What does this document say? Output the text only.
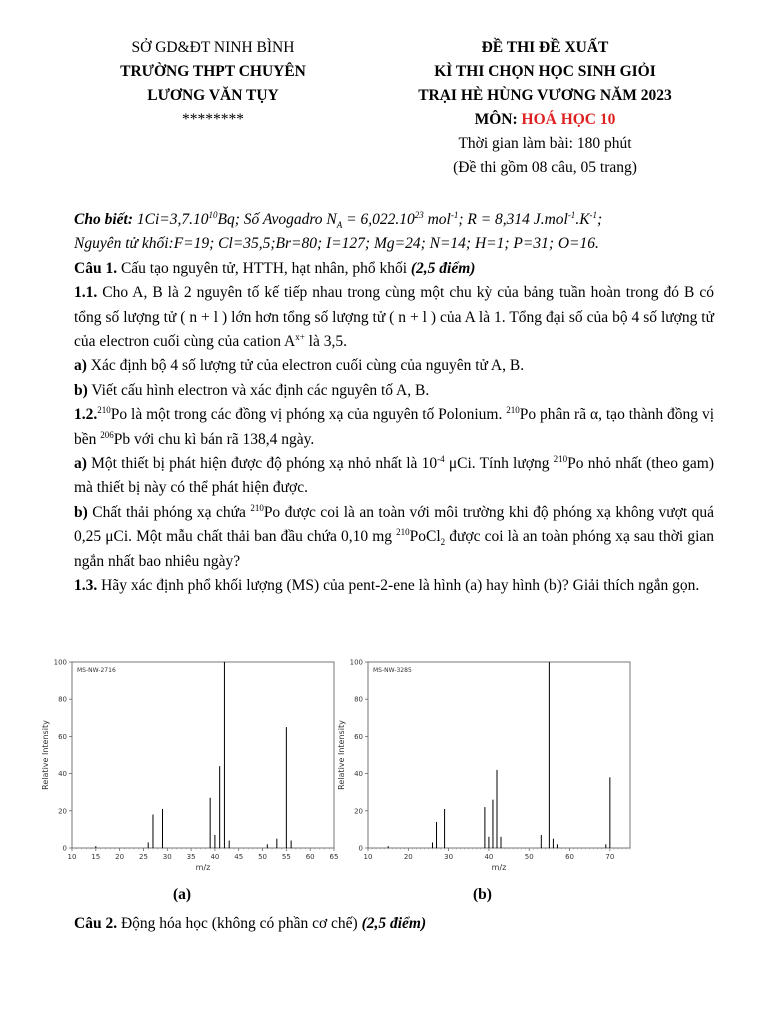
SỞ GD&ĐT NINH BÌNH
TRƯỜNG THPT CHUYÊN
LƯƠNG VĂN TỤY
********
ĐỀ THI ĐỀ XUẤT
KÌ THI CHỌN HỌC SINH GIỎI
TRẠI HÈ HÙNG VƯƠNG NĂM 2023
MÔN: HOÁ HỌC 10
Thời gian làm bài: 180 phút
(Đề thi gồm 08 câu, 05 trang)

Cho biết: $1Ci=3,7.10^{10}Bq$; Số Avogadro $N_A = 6,022.10^{23}$ mol$^{-1}$; R = 8,314 $J.mol^{-1}.K^{-1}$;

Nguyên tử khối:F=19; Cl=35,5;Br=80; I=127; Mg=24; N=14; H=1; P=31; O=16.

Câu 1. Cấu tạo nguyên tử, HTTH, hạt nhân, phổ khối (2,5 điểm)

1.1. Cho A, B là 2 nguyên tố kế tiếp nhau trong cùng một chu kỳ của bảng tuần hoàn trong đó B có tổng số lượng tử ( n + l ) lớn hơn tổng số lượng tử ( n + l ) của A là 1. Tổng đại số của bộ 4 số lượng tử của electron cuối cùng của cation $A^{x+}$ là 3,5.

a) Xác định bộ 4 số lượng tử của electron cuối cùng của nguyên tử A, B.

b) Viết cấu hình electron và xác định các nguyên tố A, B.

1.2.$^{210}$Po là một trong các đồng vị phóng xạ của nguyên tố Polonium. $^{210}$Po phân rã α, tạo thành đồng vị bền $^{206}$Pb với chu kì bán rã 138,4 ngày.

a) Một thiết bị phát hiện được độ phóng xạ nhỏ nhất là $10^{-4}$ μCi. Tính lượng $^{210}$Po nhỏ nhất (theo gam) mà thiết bị này có thể phát hiện được.

b) Chất thải phóng xạ chứa $^{210}$Po được coi là an toàn với môi trường khi độ phóng xạ không vượt quá 0,25 μCi. Một mẫu chất thải ban đầu chứa 0,10 mg $^{210}$PoCl$_2$ được coi là an toàn phóng xạ sau thời gian ngắn nhất bao nhiêu ngày?

1.3. Hãy xác định phổ khối lượng (MS) của pent-2-ene là hình (a) hay hình (b)? Giải thích ngắn gọn.

MS-NW-2716
0
20
40
60
80
100
10 15 20 25 30 35 40 45 50 55 60 65
m/z
Relative Intensity
MS-NW-3285
0
20
40
60
80
100
10	20	30	40	50	60	70
m/z
Relative Intensity
(a)	(b)
Câu 2. Động hóa học (không có phần cơ chế) (2,5 điểm)
